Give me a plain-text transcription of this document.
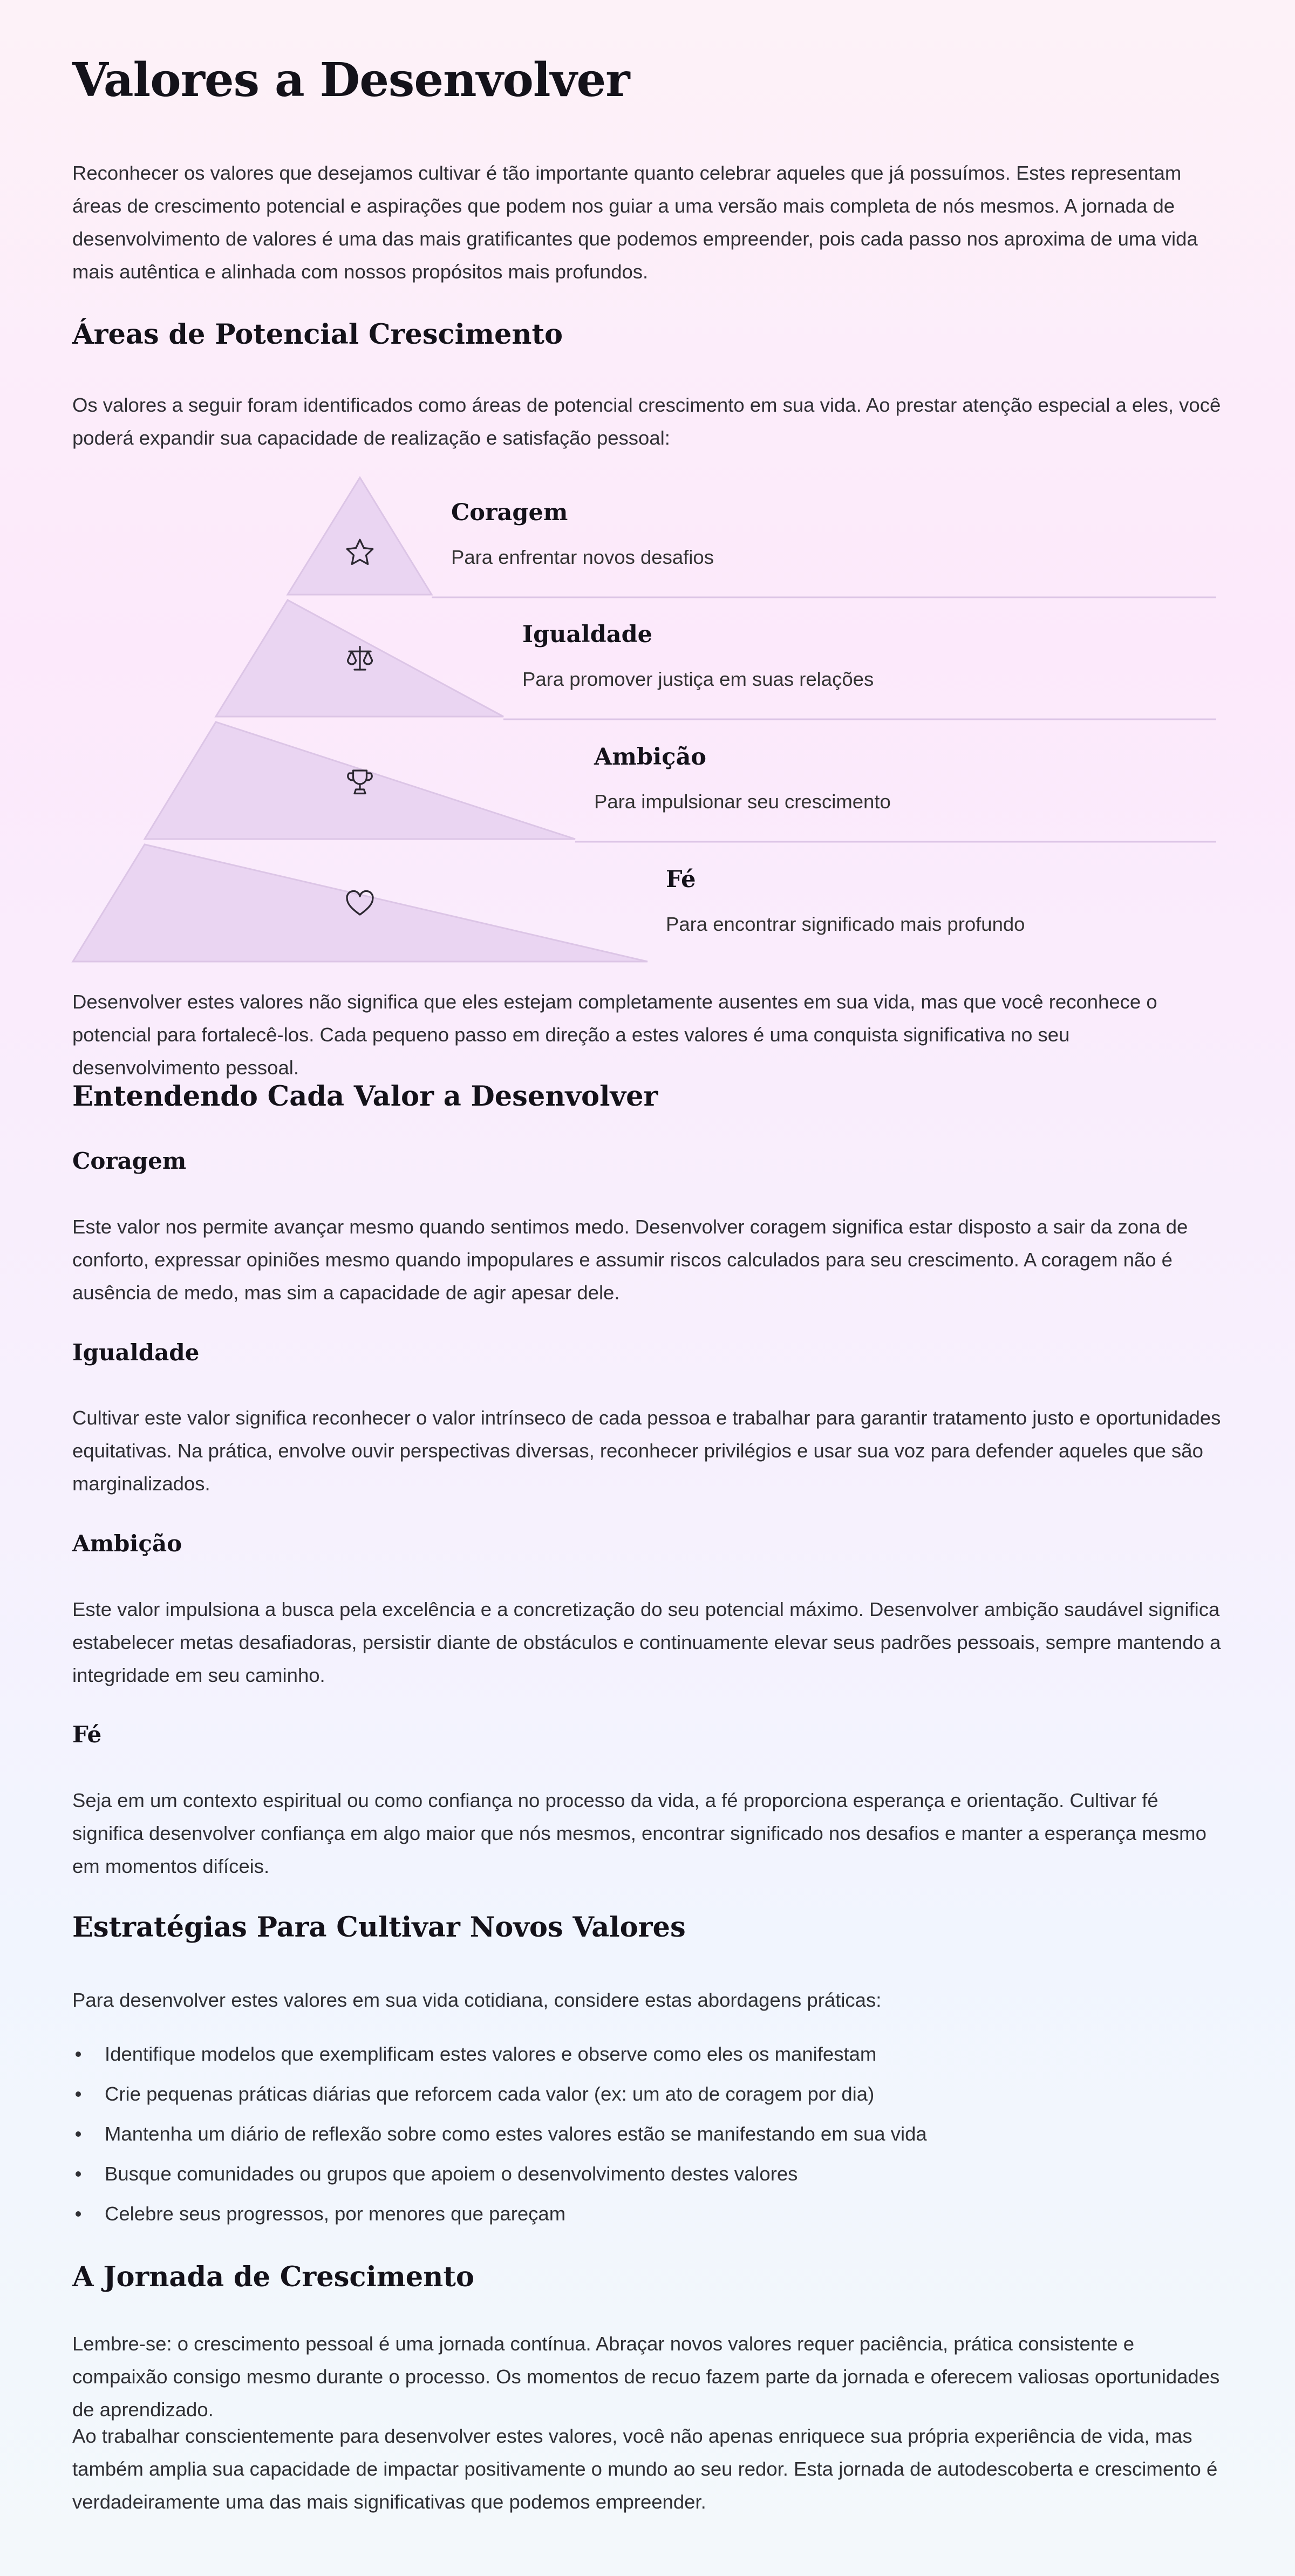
Valores a Desenvolver

Reconhecer os valores que desejamos cultivar é tão importante quanto celebrar aqueles que já possuímos. Estes representam áreas de crescimento potencial e aspirações que podem nos guiar a uma versão mais completa de nós mesmos. A jornada de desenvolvimento de valores é uma das mais gratificantes que podemos empreender, pois cada passo nos aproxima de uma vida mais autêntica e alinhada com nossos propósitos mais profundos.

Áreas de Potencial Crescimento

Os valores a seguir foram identificados como áreas de potencial crescimento em sua vida. Ao prestar atenção especial a eles, você poderá expandir sua capacidade de realização e satisfação pessoal:

Coragem
Para enfrentar novos desafios
Igualdade
Para promover justiça em suas relações
Ambição
Para impulsionar seu crescimento
Fé
Para encontrar significado mais profundo

Desenvolver estes valores não significa que eles estejam completamente ausentes em sua vida, mas que você reconhece o potencial para fortalecê-los. Cada pequeno passo em direção a estes valores é uma conquista significativa no seu desenvolvimento pessoal.

Entendendo Cada Valor a Desenvolver
Coragem

Este valor nos permite avançar mesmo quando sentimos medo. Desenvolver coragem significa estar disposto a sair da zona de conforto, expressar opiniões mesmo quando impopulares e assumir riscos calculados para seu crescimento. A coragem não é ausência de medo, mas sim a capacidade de agir apesar dele.

Igualdade

Cultivar este valor significa reconhecer o valor intrínseco de cada pessoa e trabalhar para garantir tratamento justo e oportunidades equitativas. Na prática, envolve ouvir perspectivas diversas, reconhecer privilégios e usar sua voz para defender aqueles que são marginalizados.

Ambição

Este valor impulsiona a busca pela excelência e a concretização do seu potencial máximo. Desenvolver ambição saudável significa estabelecer metas desafiadoras, persistir diante de obstáculos e continuamente elevar seus padrões pessoais, sempre mantendo a integridade em seu caminho.

Fé

Seja em um contexto espiritual ou como confiança no processo da vida, a fé proporciona esperança e orientação. Cultivar fé significa desenvolver confiança em algo maior que nós mesmos, encontrar significado nos desafios e manter a esperança mesmo em momentos difíceis.

Estratégias Para Cultivar Novos Valores

Para desenvolver estes valores em sua vida cotidiana, considere estas abordagens práticas:

Identifique modelos que exemplificam estes valores e observe como eles os manifestam
Crie pequenas práticas diárias que reforcem cada valor (ex: um ato de coragem por dia)
Mantenha um diário de reflexão sobre como estes valores estão se manifestando em sua vida
Busque comunidades ou grupos que apoiem o desenvolvimento destes valores
Celebre seus progressos, por menores que pareçam
A Jornada de Crescimento

Lembre-se: o crescimento pessoal é uma jornada contínua. Abraçar novos valores requer paciência, prática consistente e compaixão consigo mesmo durante o processo. Os momentos de recuo fazem parte da jornada e oferecem valiosas oportunidades de aprendizado.

Ao trabalhar conscientemente para desenvolver estes valores, você não apenas enriquece sua própria experiência de vida, mas também amplia sua capacidade de impactar positivamente o mundo ao seu redor. Esta jornada de autodescoberta e crescimento é verdadeiramente uma das mais significativas que podemos empreender.
